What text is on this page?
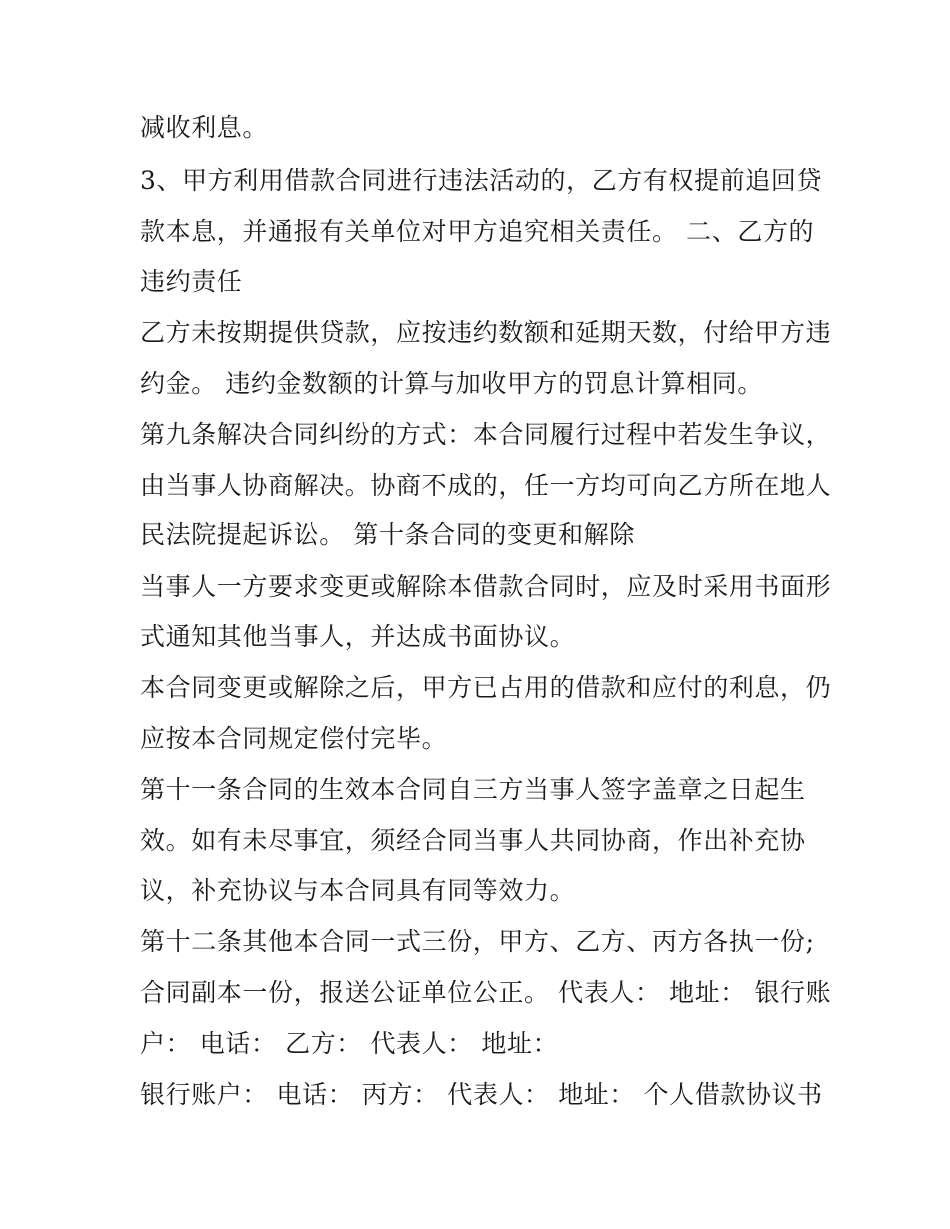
减收利息。
3、甲方利用借款合同进行违法活动的，乙方有权提前追回贷
款本息，并通报有关单位对甲方追究相关责任。 二、乙方的
违约责任
乙方未按期提供贷款，应按违约数额和延期天数，付给甲方违
约金。 违约金数额的计算与加收甲方的罚息计算相同。
第九条解决合同纠纷的方式：本合同履行过程中若发生争议，
由当事人协商解决。协商不成的，任一方均可向乙方所在地人
民法院提起诉讼。 第十条合同的变更和解除
当事人一方要求变更或解除本借款合同时，应及时采用书面形
式通知其他当事人，并达成书面协议。
本合同变更或解除之后，甲方已占用的借款和应付的利息，仍
应按本合同规定偿付完毕。
第十一条合同的生效本合同自三方当事人签字盖章之日起生
效。如有未尽事宜，须经合同当事人共同协商，作出补充协
议，补充协议与本合同具有同等效力。
第十二条其他本合同一式三份，甲方、乙方、丙方各执一份;
合同副本一份，报送公证单位公正。 代表人： 地址： 银行账
户： 电话： 乙方： 代表人： 地址：
银行账户： 电话： 丙方： 代表人： 地址： 个人借款协议书
